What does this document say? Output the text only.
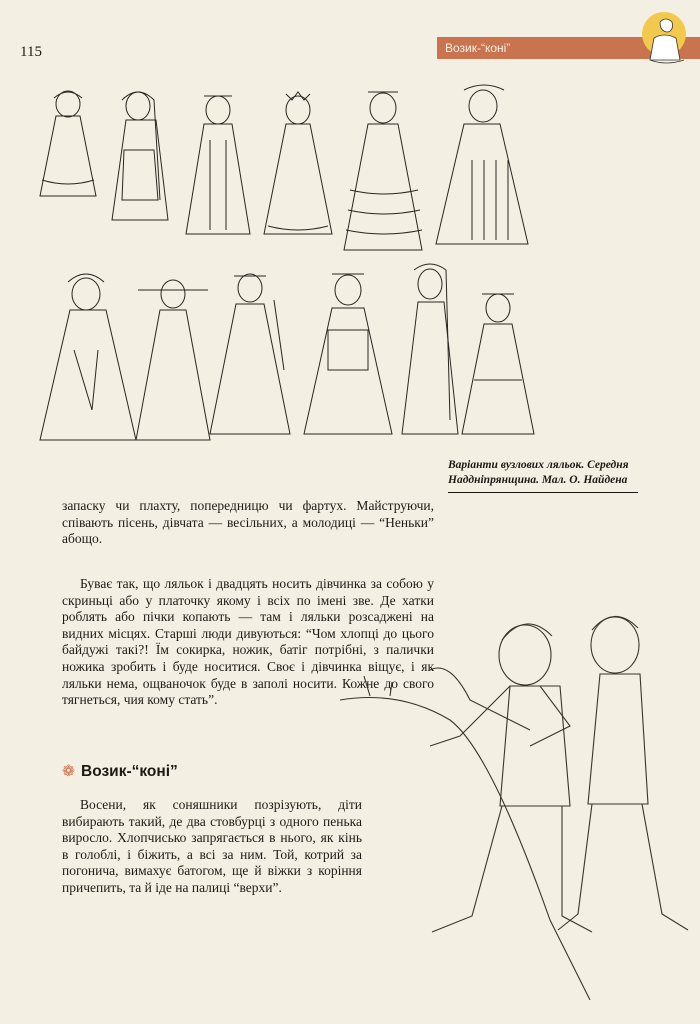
115	Возик-“коні”
Варіанти вузлових ляльок. Середня
Наддніпрянщина. Мал. О. Найдена

запаску чи плахту, попередницю чи фартух. Майструючи, співають пісень, дівчата — весільних, а молодиці — “Неньки” абощо.

Буває так, що ляльок і двадцять носить дівчинка за собою у скриньці або у платочку якому і всіх по імені зве. Де хатки роблять або пічки копають — там і ляльки розсаджені на видних місцях. Старші люди дивуються: “Чом хлопці до цього байдужі такі?! Їм сокирка, ножик, батіг потрібні, з палички ножика зробить і буде носитися. Своє і дівчинка віщує, і як ляльки нема, ощваночок буде в заполі носити. Кожне до свого тягнеться, чия кому стать”.

❁ Возик-“коні”

Восени, як соняшники позрізують, діти вибирають такий, де два стовбурці з одного пенька виросло. Хлопчисько запрягається в нього, як кінь в голоблі, і біжить, а всі за ним. Той, котрий за погонича, вимахує батогом, ще й віжки з коріння причепить, та й іде на палиці “верхи”.
